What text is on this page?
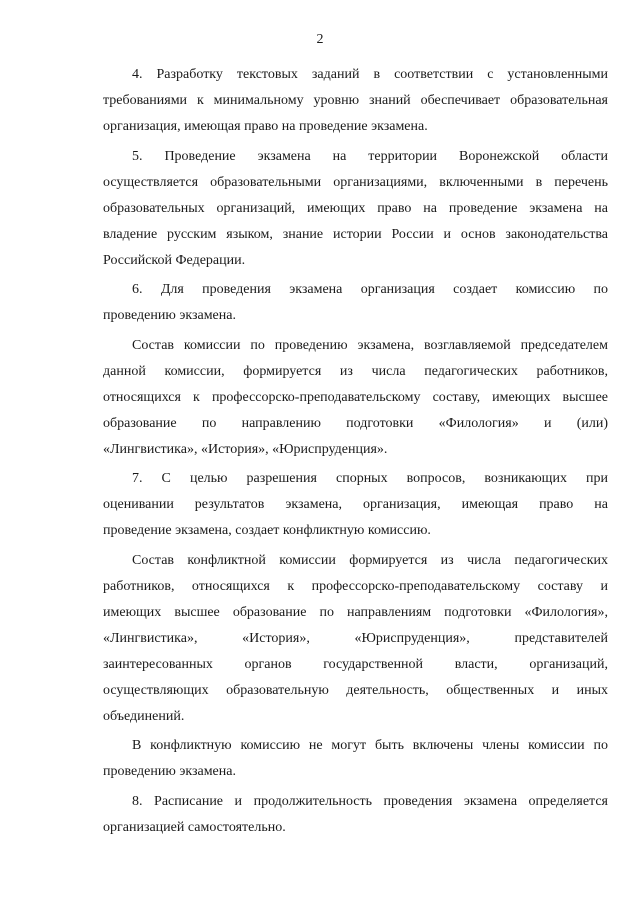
2

4. Разработку текстовых заданий в соответствии с установленными
требованиями к минимальному уровню знаний обеспечивает образовательная
организация, имеющая право на проведение экзамена.

5. Проведение экзамена на территории Воронежской области
осуществляется образовательными организациями, включенными в перечень
образовательных организаций, имеющих право на проведение экзамена на
владение русским языком, знание истории России и основ законодательства
Российской Федерации.

6. Для проведения экзамена организация создает комиссию по
проведению экзамена.

Состав комиссии по проведению экзамена, возглавляемой председателем
данной комиссии, формируется из числа педагогических работников,
относящихся к профессорско-преподавательскому составу, имеющих высшее
образование по направлению подготовки «Филология» и (или)
«Лингвистика», «История», «Юриспруденция».

7. С целью разрешения спорных вопросов, возникающих при
оценивании результатов экзамена, организация, имеющая право на
проведение экзамена, создает конфликтную комиссию.

Состав конфликтной комиссии формируется из числа педагогических
работников, относящихся к профессорско-преподавательскому составу и
имеющих высшее образование по направлениям подготовки «Филология»,
«Лингвистика», «История», «Юриспруденция», представителей
заинтересованных органов государственной власти, организаций,
осуществляющих образовательную деятельность, общественных и иных
объединений.

В конфликтную комиссию не могут быть включены члены комиссии по
проведению экзамена.

8. Расписание и продолжительность проведения экзамена определяется
организацией самостоятельно.
